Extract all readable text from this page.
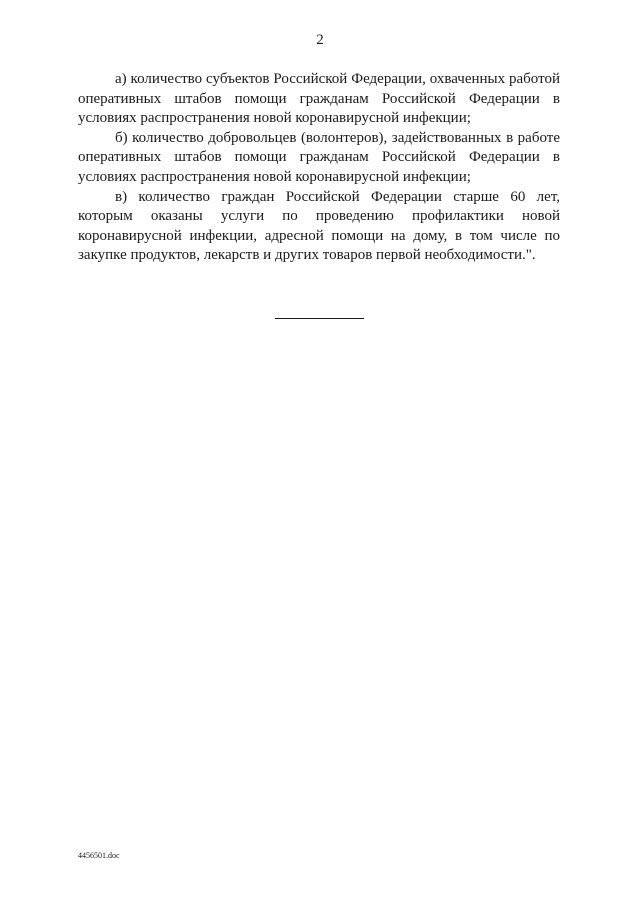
2

а) количество субъектов Российской Федерации, охваченных работой оперативных штабов помощи гражданам Российской Федерации в условиях распространения новой коронавирусной инфекции;

б) количество добровольцев (волонтеров), задействованных в работе оперативных штабов помощи гражданам Российской Федерации в условиях распространения новой коронавирусной инфекции;

в) количество граждан Российской Федерации старше 60 лет, которым оказаны услуги по проведению профилактики новой коронавирусной инфекции, адресной помощи на дому, в том числе по закупке продуктов, лекарств и других товаров первой необходимости.".

4456501.doc
